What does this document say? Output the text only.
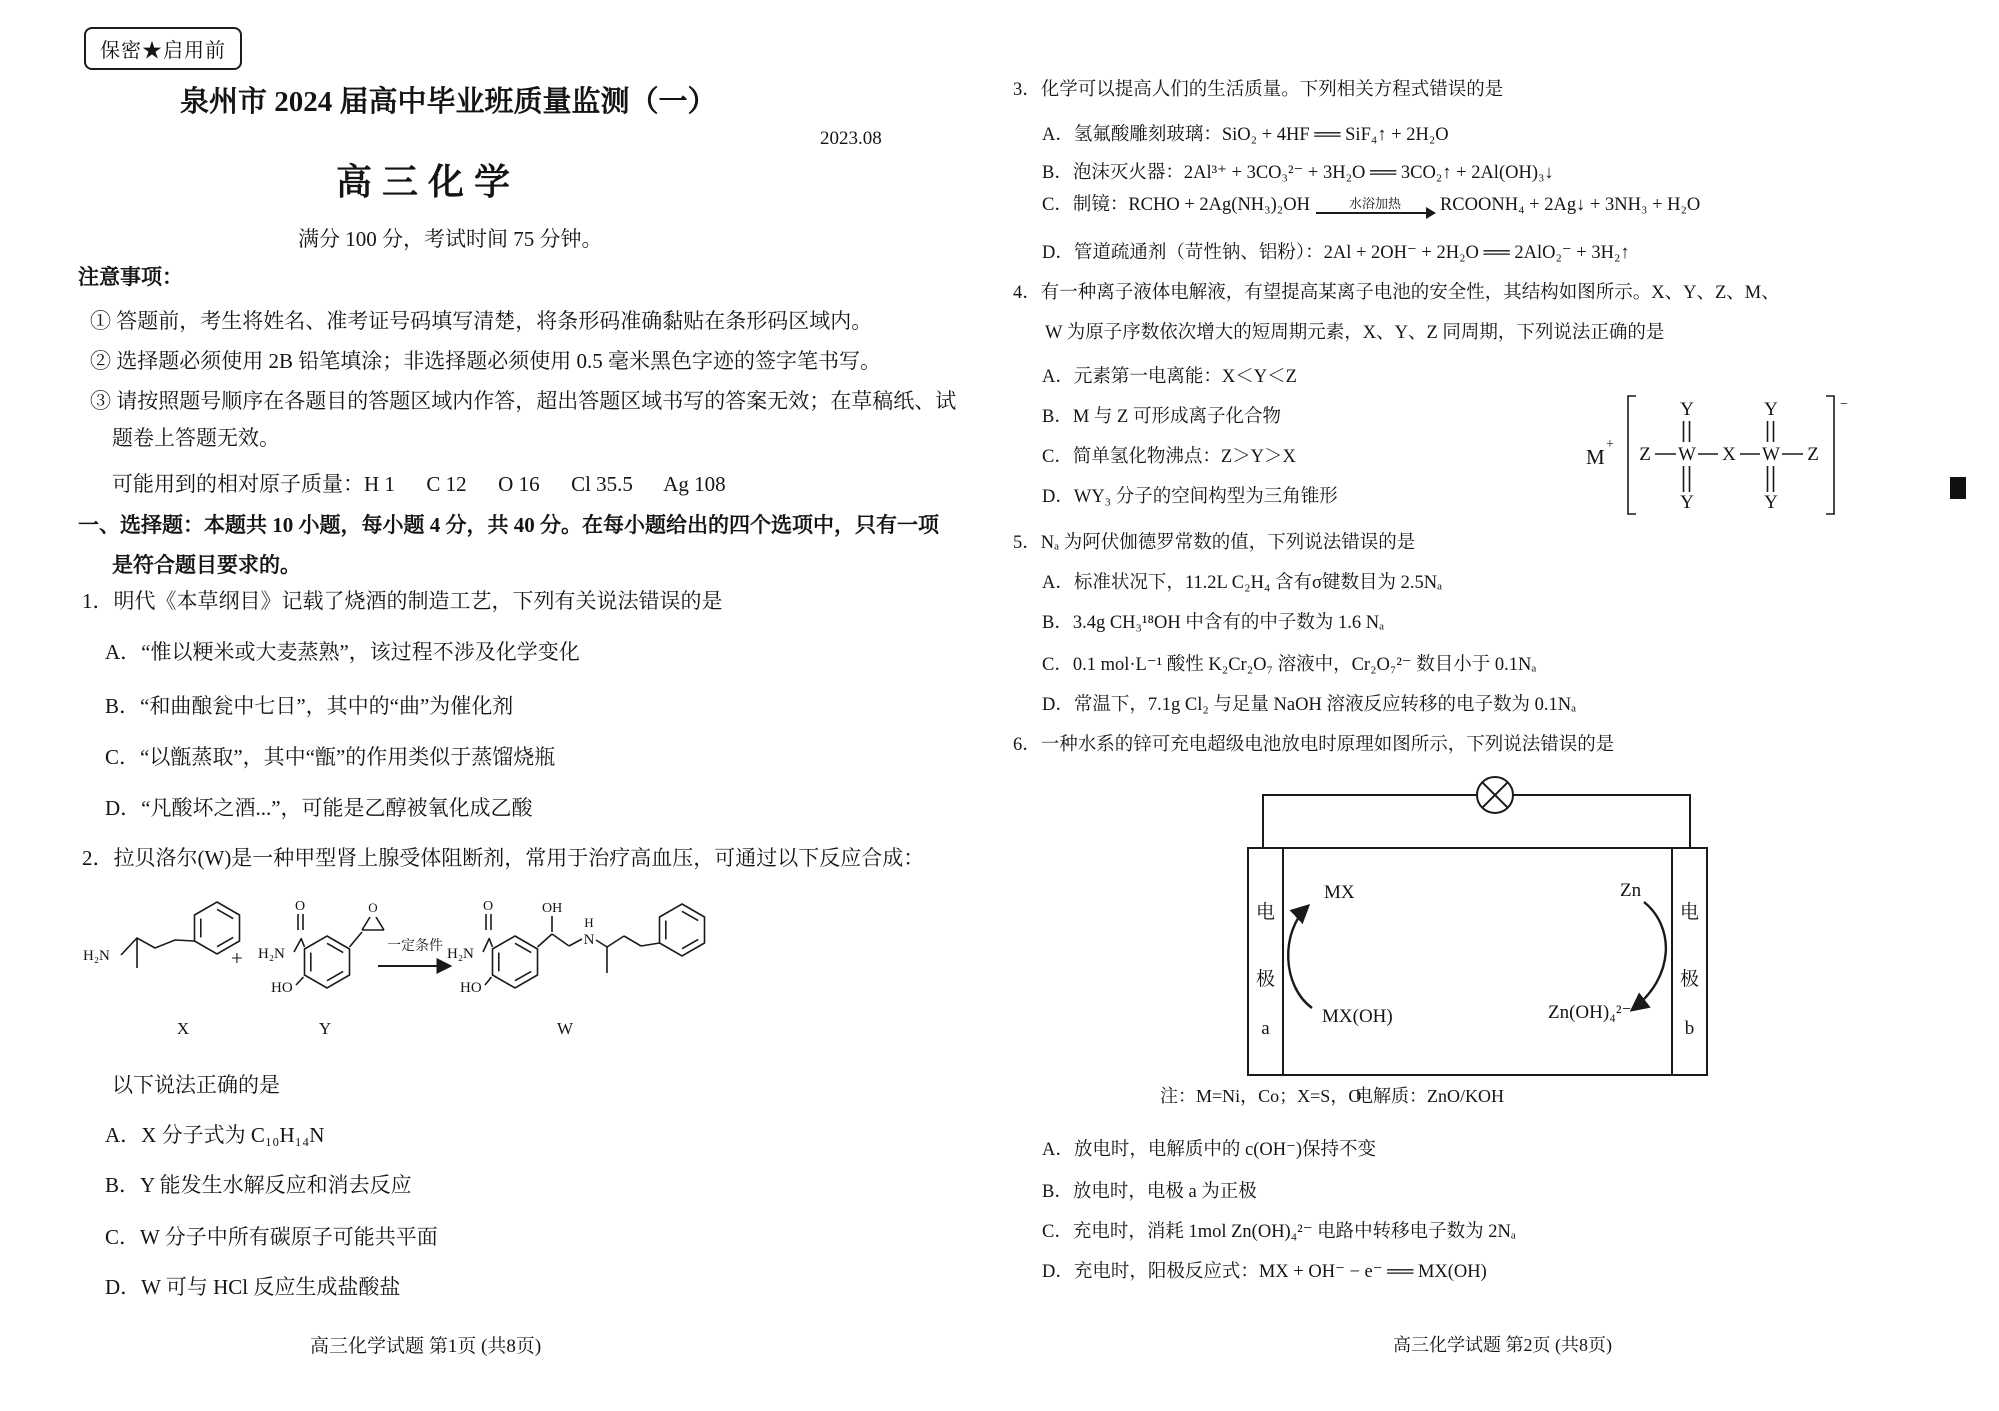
保密★启用前
泉州市 2024 届高中毕业班质量监测（一）
2023.08
高三化学
满分 100 分，考试时间 75 分钟。
注意事项：
① 答题前，考生将姓名、准考证号码填写清楚，将条形码准确黏贴在条形码区域内。
② 选择题必须使用 2B 铅笔填涂；非选择题必须使用 0.5 毫米黑色字迹的签字笔书写。
③ 请按照题号顺序在各题目的答题区域内作答，超出答题区域书写的答案无效；在草稿纸、试
题卷上答题无效。
可能用到的相对原子质量：H 1      C 12      O 16      Cl 35.5      Ag 108
一、选择题：本题共 10 小题，每小题 4 分，共 40 分。在每小题给出的四个选项中，只有一项
是符合题目要求的。
1．明代《本草纲目》记载了烧酒的制造工艺，下列有关说法错误的是
A．“惟以粳米或大麦蒸熟”，该过程不涉及化学变化
B．“和曲酿瓮中七日”，其中的“曲”为催化剂
C．“以甑蒸取”，其中“甑”的作用类似于蒸馏烧瓶
D．“凡酸坏之酒...”，可能是乙醇被氧化成乙酸
2．拉贝洛尔(W)是一种甲型肾上腺受体阻断剂，常用于治疗高血压，可通过以下反应合成：
H₂N	+ H₂N
O
HO
O
一定条件 H₂N
O
HO
OH
N
H
X	Y	W
以下说法正确的是
A．X 分子式为 C₁₀H₁₄N
B．Y 能发生水解反应和消去反应
C．W 分子中所有碳原子可能共平面
D．W 可与 HCl 反应生成盐酸盐
高三化学试题 第1页 (共8页)
3．化学可以提高人们的生活质量。下列相关方程式错误的是
A．氢氟酸雕刻玻璃：SiO₂ + 4HF ══ SiF₄↑ + 2H₂O
B．泡沫灭火器：2Al³⁺ + 3CO₃²⁻ + 3H₂O ══ 3CO₂↑ + 2Al(OH)₃↓
C．制镜：RCHO + 2Ag(NH₃)₂OH	水浴加热 RCOONH₄ + 2Ag↓ + 3NH₃ + H₂O
D．管道疏通剂（苛性钠、铝粉）：2Al + 2OH⁻ + 2H₂O ══ 2AlO₂⁻ + 3H₂↑
4．有一种离子液体电解液，有望提高某离子电池的安全性，其结构如图所示。X、Y、Z、M、
W 为原子序数依次增大的短周期元素，X、Y、Z 同周期，下列说法正确的是
A．元素第一电离能：X＜Y＜Z
B．M 与 Z 可形成离子化合物
C．简单氢化物沸点：Z＞Y＞X
D．WY₃ 分子的空间构型为三角锥形
M
+
−
Z W X W Z
Y	Y
Y	Y
5．Nₐ 为阿伏伽德罗常数的值，下列说法错误的是
A．标准状况下，11.2L C₂H₄ 含有σ键数目为 2.5Nₐ
B．3.4g CH₃¹⁸OH 中含有的中子数为 1.6 Nₐ
C．0.1 mol·L⁻¹ 酸性 K₂Cr₂O₇ 溶液中，Cr₂O₇²⁻ 数目小于 0.1Nₐ
D．常温下，7.1g Cl₂ 与足量 NaOH 溶液反应转移的电子数为 0.1Nₐ
6．一种水系的锌可充电超级电池放电时原理如图所示，下列说法错误的是
电
极
a
电
极
b
MX
MX(OH)
Zn
Zn(OH)₄²⁻
注：M=Ni，Co；X=S，O
电解质：ZnO/KOH
A．放电时，电解质中的 c(OH⁻)保持不变
B．放电时，电极 a 为正极
C．充电时，消耗 1mol Zn(OH)₄²⁻ 电路中转移电子数为 2Nₐ
D．充电时，阳极反应式：MX + OH⁻ − e⁻ ══ MX(OH)
高三化学试题 第2页 (共8页)
